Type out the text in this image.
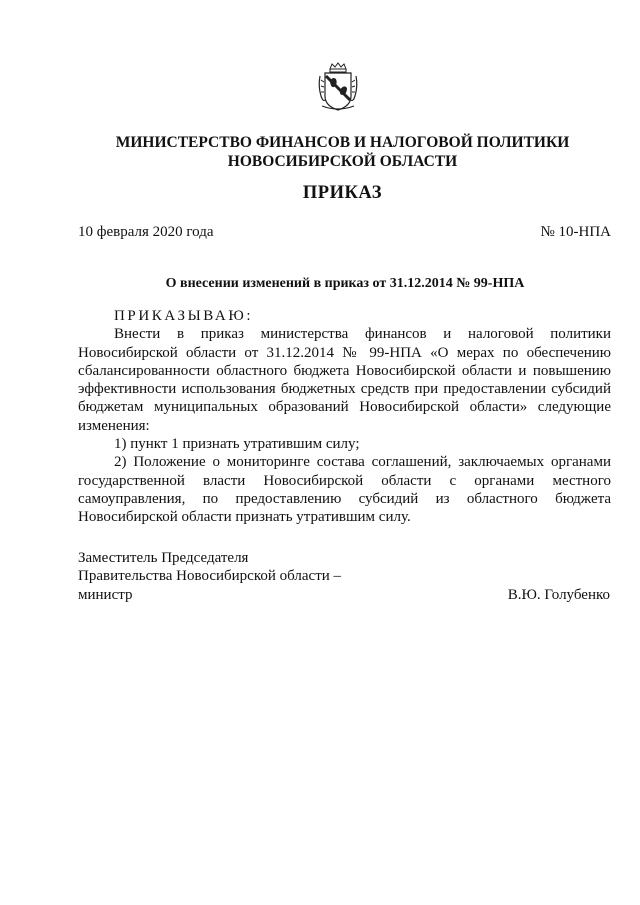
МИНИСТЕРСТВО ФИНАНСОВ И НАЛОГОВОЙ ПОЛИТИКИ
НОВОСИБИРСКОЙ ОБЛАСТИ
ПРИКАЗ
10 февраля 2020 года	№ 10-НПА
О внесении изменений в приказ от 31.12.2014 № 99-НПА
ПРИКАЗЫВАЮ:

Внести в приказ министерства финансов и налоговой политики Новосибирской области от 31.12.2014 № 99-НПА «О мерах по обеспечению сбалансированности областного бюджета Новосибирской области и повышению эффективности использования бюджетных средств при предоставлении субсидий бюджетам муниципальных образований Новосибирской области» следующие изменения:

1) пункт 1 признать утратившим силу;

2) Положение о мониторинге состава соглашений, заключаемых органами государственной власти Новосибирской области с органами местного самоуправления, по предоставлению субсидий из областного бюджета Новосибирской области признать утратившим силу.

Заместитель Председателя
Правительства Новосибирской области –
министр	В.Ю. Голубенко
